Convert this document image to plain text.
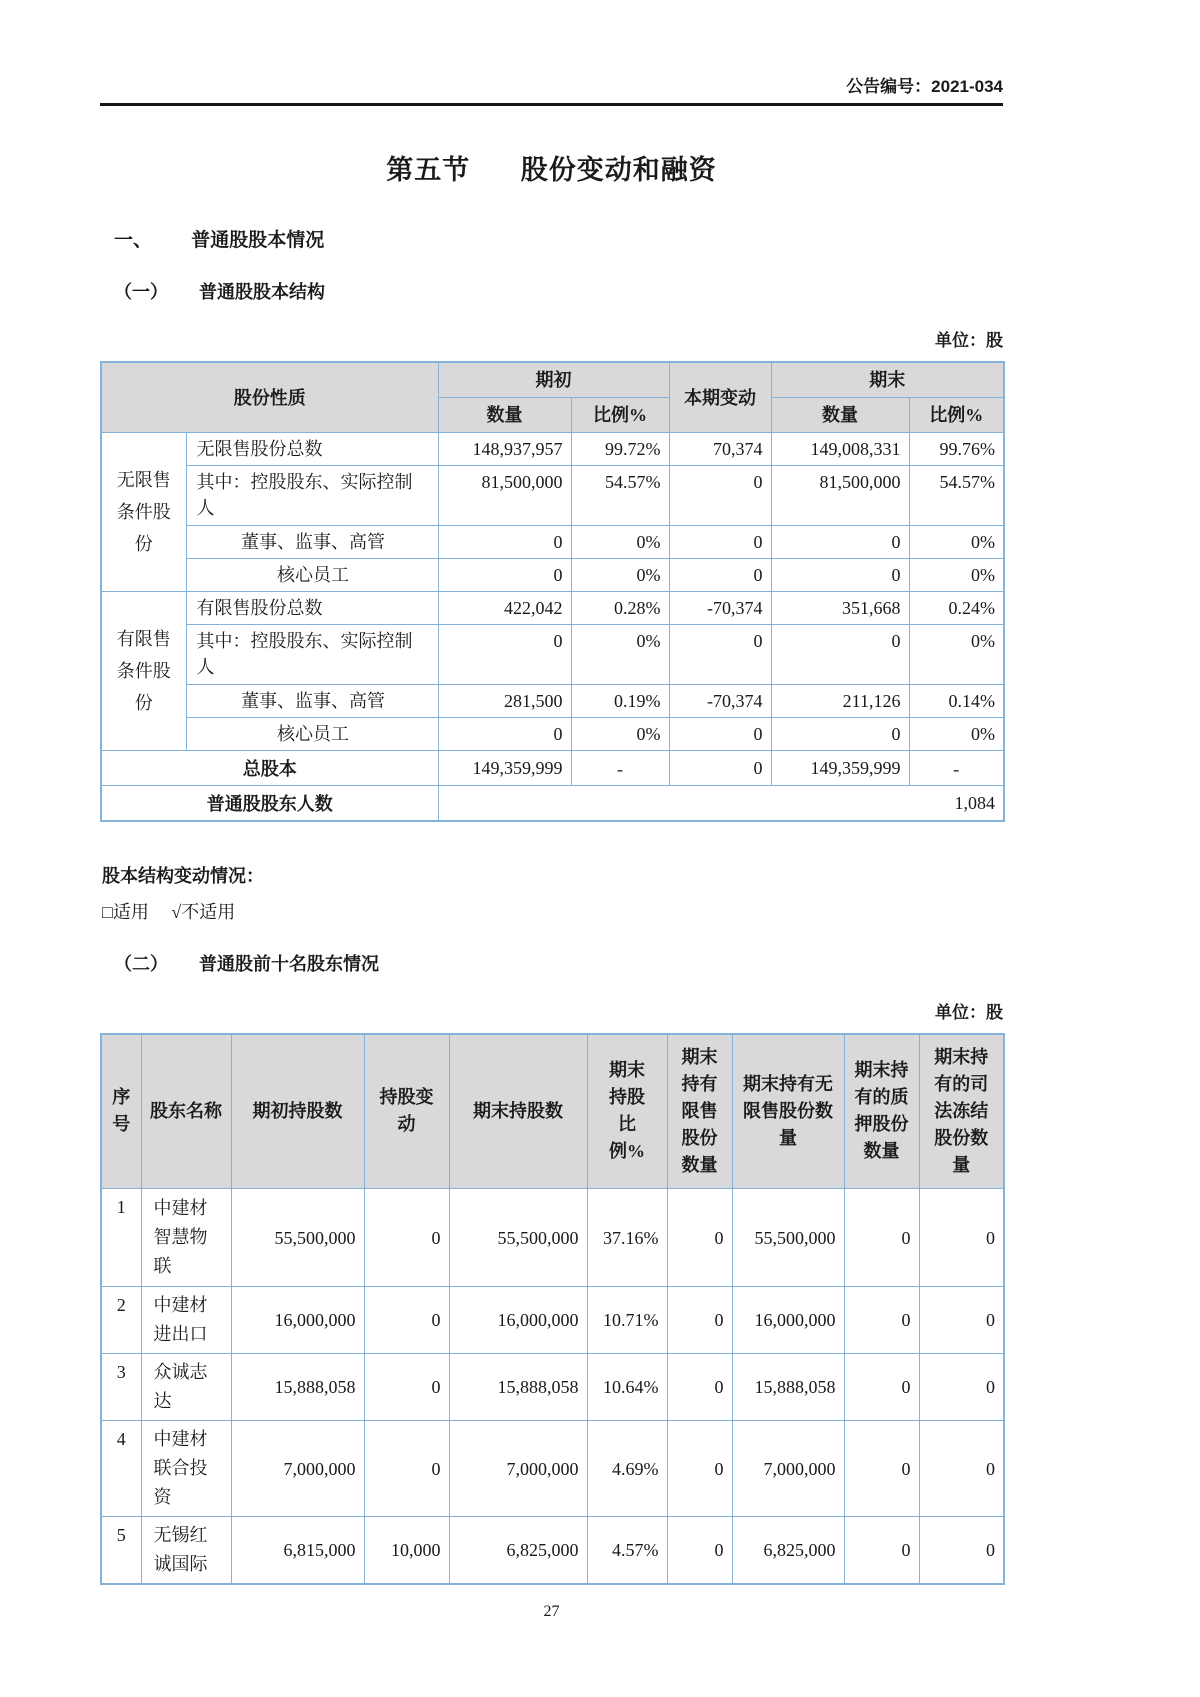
公告编号：2021-034
第五节 股份变动和融资
一、 普通股股本情况
（一） 普通股股本结构
单位：股
股份性质		期初		本期变动	期末	
		数量	比例%		数量	比例%
无限售条件股份	无限售股份总数	148,937,957	99.72%	70,374	149,008,331	99.76%
	其中：控股股东、实际控制人	81,500,000	54.57%	0	81,500,000	54.57%
	董事、监事、高管	0	0%	0	0	0%
	核心员工	0	0%	0	0	0%
有限售条件股份	有限售股份总数	422,042	0.28%	-70,374	351,668	0.24%
	其中：控股股东、实际控制人	0	0%	0	0	0%
	董事、监事、高管	281,500	0.19%	-70,374	211,126	0.14%
	核心员工	0	0%	0	0	0%
总股本		149,359,999	-	0	149,359,999	-
普通股股东人数		1,084				
股本结构变动情况：
□适用 √不适用
（二） 普通股前十名股东情况
单位：股
序号	股东名称	期初持股数	持股变动	期末持股数	期末持股比例%	期末持有限售股份数量	期末持有无限售股份数量	期末持有的质押股份数量	期末持有的司法冻结股份数量
1	中建材智慧物联	55,500,000	0	55,500,000	37.16%	0	55,500,000	0	0
2	中建材进出口	16,000,000	0	16,000,000	10.71%	0	16,000,000	0	0
3	众诚志达	15,888,058	0	15,888,058	10.64%	0	15,888,058	0	0
4	中建材联合投资	7,000,000	0	7,000,000	4.69%	0	7,000,000	0	0
5	无锡红诚国际	6,815,000	10,000	6,825,000	4.57%	0	6,825,000	0	0
27
